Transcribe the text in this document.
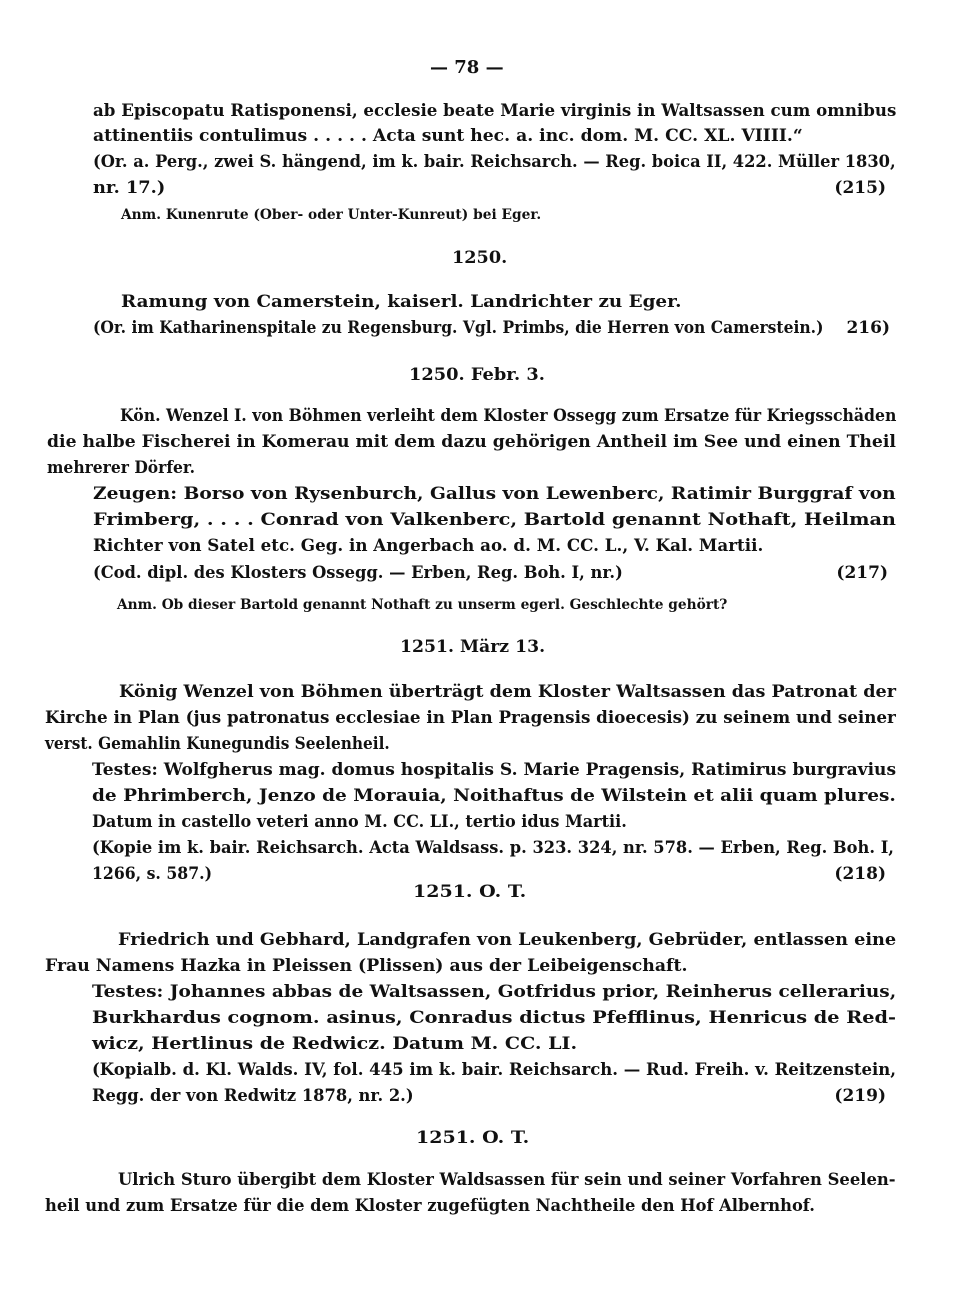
— 78 —
ab Episcopatu Ratisponensi, ecclesie beate Marie virginis in Waltsassen cum omnibus
attinentiis contulimus . . . . . Acta sunt hec. a. inc. dom. M. CC. XL. VIIII.“
(Or. a. Perg., zwei S. hängend, im k. bair. Reichsarch. — Reg. boica II, 422. Müller 1830,
nr. 17.)	(215)
Anm. Kunenrute (Ober- oder Unter-Kunreut) bei Eger.
1250.
Ramung von Camerstein, kaiserl. Landrichter zu Eger.
(Or. im Katharinenspitale zu Regensburg. Vgl. Primbs, die Herren von Camerstein.) 216)
1250. Febr. 3.
Kön. Wenzel I. von Böhmen verleiht dem Kloster Ossegg zum Ersatze für Kriegsschäden
die halbe Fischerei in Komerau mit dem dazu gehörigen Antheil im See und einen Theil
mehrerer Dörfer.
Zeugen: Borso von Rysenburch, Gallus von Lewenberc, Ratimir Burggraf von
Frimberg, . . . . Conrad von Valkenberc, Bartold genannt Nothaft, Heilman
Richter von Satel etc. Geg. in Angerbach ao. d. M. CC. L., V. Kal. Martii.
(Cod. dipl. des Klosters Ossegg. — Erben, Reg. Boh. I, nr.)	(217)
Anm. Ob dieser Bartold genannt Nothaft zu unserm egerl. Geschlechte gehört?
1251. März 13.
König Wenzel von Böhmen überträgt dem Kloster Waltsassen das Patronat der
Kirche in Plan (jus patronatus ecclesiae in Plan Pragensis dioecesis) zu seinem und seiner
verst. Gemahlin Kunegundis Seelenheil.
Testes: Wolfgherus mag. domus hospitalis S. Marie Pragensis, Ratimirus burgravius
de Phrimberch, Jenzo de Morauia, Noithaftus de Wilstein et alii quam plures.
Datum in castello veteri anno M. CC. LI., tertio idus Martii.
(Kopie im k. bair. Reichsarch. Acta Waldsass. p. 323. 324, nr. 578. — Erben, Reg. Boh. I,
1266, s. 587.)	(218)
1251. O. T.
Friedrich und Gebhard, Landgrafen von Leukenberg, Gebrüder, entlassen eine
Frau Namens Hazka in Pleissen (Plissen) aus der Leibeigenschaft.
Testes: Johannes abbas de Waltsassen, Gotfridus prior, Reinherus cellerarius,
Burkhardus cognom. asinus, Conradus dictus Pfefflinus, Henricus de Red-
wicz, Hertlinus de Redwicz. Datum M. CC. LI.
(Kopialb. d. Kl. Walds. IV, fol. 445 im k. bair. Reichsarch. — Rud. Freih. v. Reitzenstein,
Regg. der von Redwitz 1878, nr. 2.)	(219)
1251. O. T.
Ulrich Sturo übergibt dem Kloster Waldsassen für sein und seiner Vorfahren Seelen-
heil und zum Ersatze für die dem Kloster zugefügten Nachtheile den Hof Albernhof.
